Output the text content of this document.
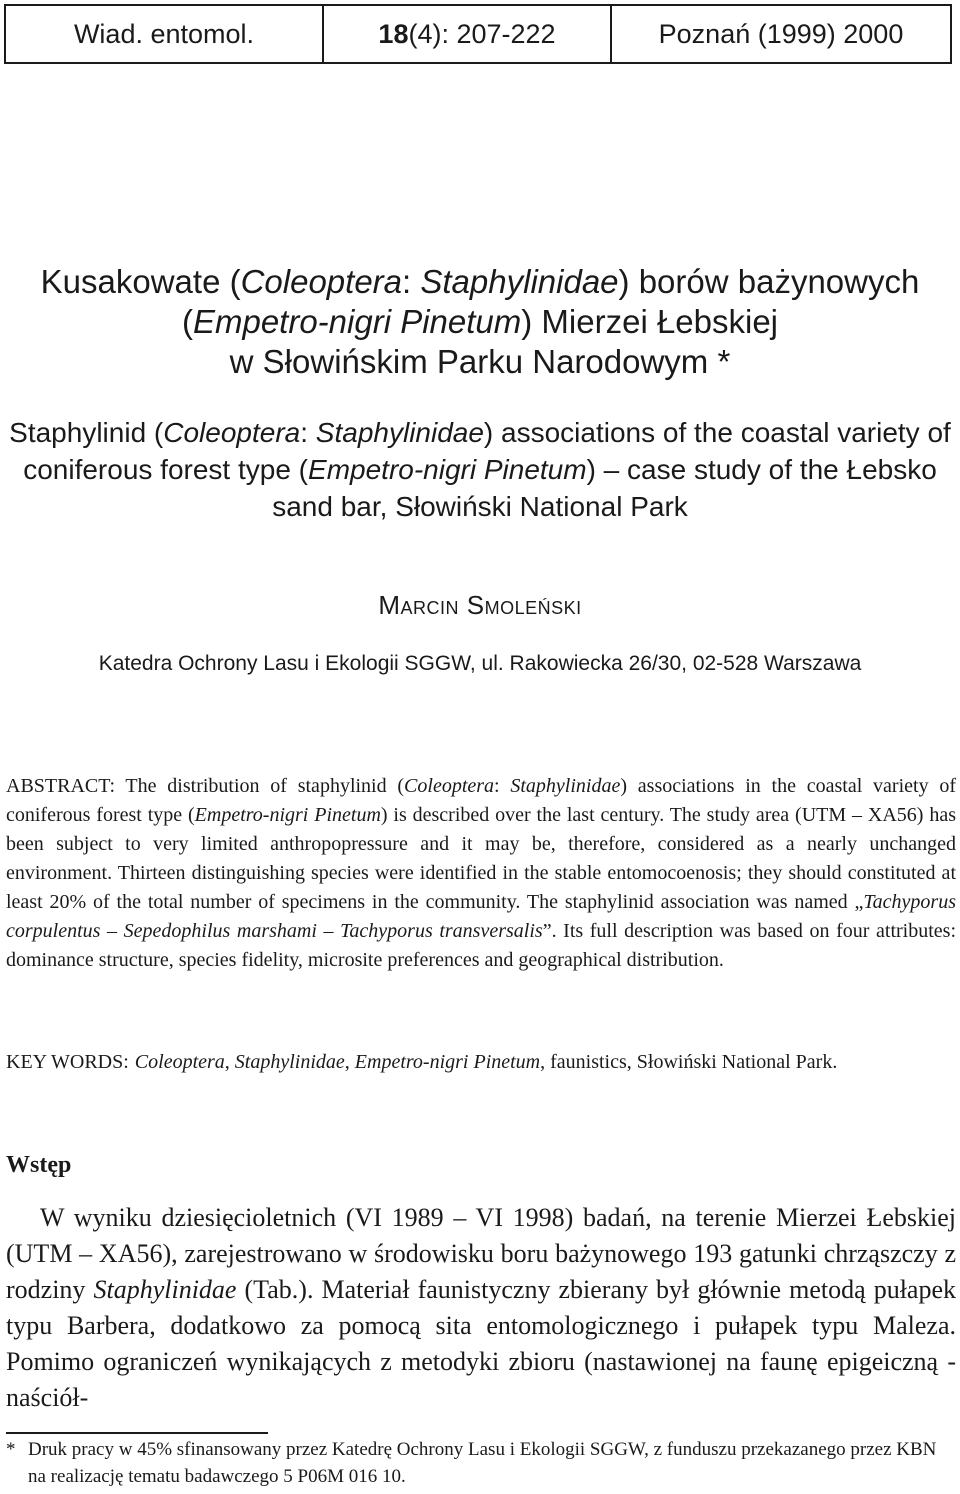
Wiad. entomol.	18 (4): 207-222	Poznań (1999) 2000
Kusakowate (Coleoptera: Staphylinidae) borów bażynowych
(Empetro-nigri Pinetum) Mierzei Łebskiej
w Słowińskim Parku Narodowym *
Staphylinid (Coleoptera: Staphylinidae) associations of the coastal variety of
coniferous forest type (Empetro-nigri Pinetum) – case study of the Łebsko
sand bar, Słowiński National Park
Marcin Smoleński
Katedra Ochrony Lasu i Ekologii SGGW, ul. Rakowiecka 26/30, 02-528 Warszawa
ABSTRACT: The distribution of staphylinid (Coleoptera: Staphylinidae) associations in the coastal variety of coniferous forest type (Empetro-nigri Pinetum) is described over the last century. The study area (UTM – XA56) has been subject to very limited anthropopressure and it may be, therefore, considered as a nearly unchanged environment. Thirteen distinguishing species were identified in the stable entomocoenosis; they should constituted at least 20% of the total number of specimens in the community. The staphylinid association was named „Tachyporus corpulentus – Sepedophilus marshami – Tachyporus transversalis”. Its full description was based on four attributes: dominance structure, species fidelity, microsite preferences and geographical distribution.
KEY WORDS: Coleoptera, Staphylinidae, Empetro-nigri Pinetum, faunistics, Słowiński National Park.
Wstęp
W wyniku dziesięcioletnich (VI 1989 – VI 1998) badań, na terenie Mierzei Łebskiej (UTM – XA56), zarejestrowano w środowisku boru bażynowego 193 gatunki chrząszczy z rodziny Staphylinidae (Tab.). Materiał faunistyczny zbierany był głównie metodą pułapek typu Barbera, dodatkowo za pomocą sita entomologicznego i pułapek typu Maleza. Pomimo ograniczeń wynikających z metodyki zbioru (nastawionej na faunę epigeiczną - naściół-
* Druk pracy w 45% sfinansowany przez Katedrę Ochrony Lasu i Ekologii SGGW, z funduszu przekazanego przez KBN na realizację tematu badawczego 5 P06M 016 10.
